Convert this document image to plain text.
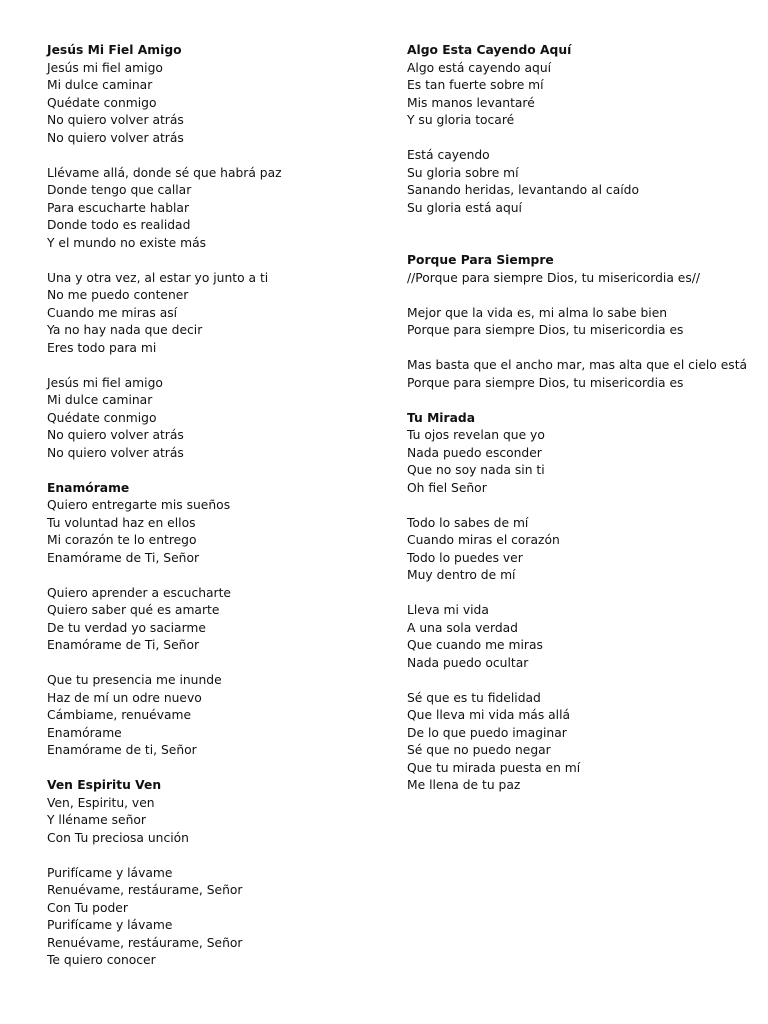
Jesús Mi Fiel Amigo
Jesús mi fiel amigo
Mi dulce caminar
Quédate conmigo
No quiero volver atrás
No quiero volver atrás
Llévame allá, donde sé que habrá paz
Donde tengo que callar
Para escucharte hablar
Donde todo es realidad
Y el mundo no existe más
Una y otra vez, al estar yo junto a ti
No me puedo contener
Cuando me miras así
Ya no hay nada que decir
Eres todo para mi
Jesús mi fiel amigo
Mi dulce caminar
Quédate conmigo
No quiero volver atrás
No quiero volver atrás
Enamórame
Quiero entregarte mis sueños
Tu voluntad haz en ellos
Mi corazón te lo entrego
Enamórame de Ti, Señor
Quiero aprender a escucharte
Quiero saber qué es amarte
De tu verdad yo saciarme
Enamórame de Ti, Señor
Que tu presencia me inunde
Haz de mí un odre nuevo
Cámbiame, renuévame
Enamórame
Enamórame de ti, Señor
Ven Espiritu Ven
Ven, Espiritu, ven
Y lléname señor
Con Tu preciosa unción
Purifícame y lávame
Renuévame, restáurame, Señor
Con Tu poder
Purifícame y lávame
Renuévame, restáurame, Señor
Te quiero conocer
Algo Esta Cayendo Aquí
Algo está cayendo aquí
Es tan fuerte sobre mí
Mis manos levantaré
Y su gloria tocaré
Está cayendo
Su gloria sobre mí
Sanando heridas, levantando al caído
Su gloria está aquí
Porque Para Siempre
//Porque para siempre Dios, tu misericordia es//
Mejor que la vida es, mi alma lo sabe bien
Porque para siempre Dios, tu misericordia es
Mas basta que el ancho mar, mas alta que el cielo está
Porque para siempre Dios, tu misericordia es
Tu Mirada
Tu ojos revelan que yo
Nada puedo esconder
Que no soy nada sin ti
Oh fiel Señor
Todo lo sabes de mí
Cuando miras el corazón
Todo lo puedes ver
Muy dentro de mí
Lleva mi vida
A una sola verdad
Que cuando me miras
Nada puedo ocultar
Sé que es tu fidelidad
Que lleva mi vida más allá
De lo que puedo imaginar
Sé que no puedo negar
Que tu mirada puesta en mí
Me llena de tu paz
